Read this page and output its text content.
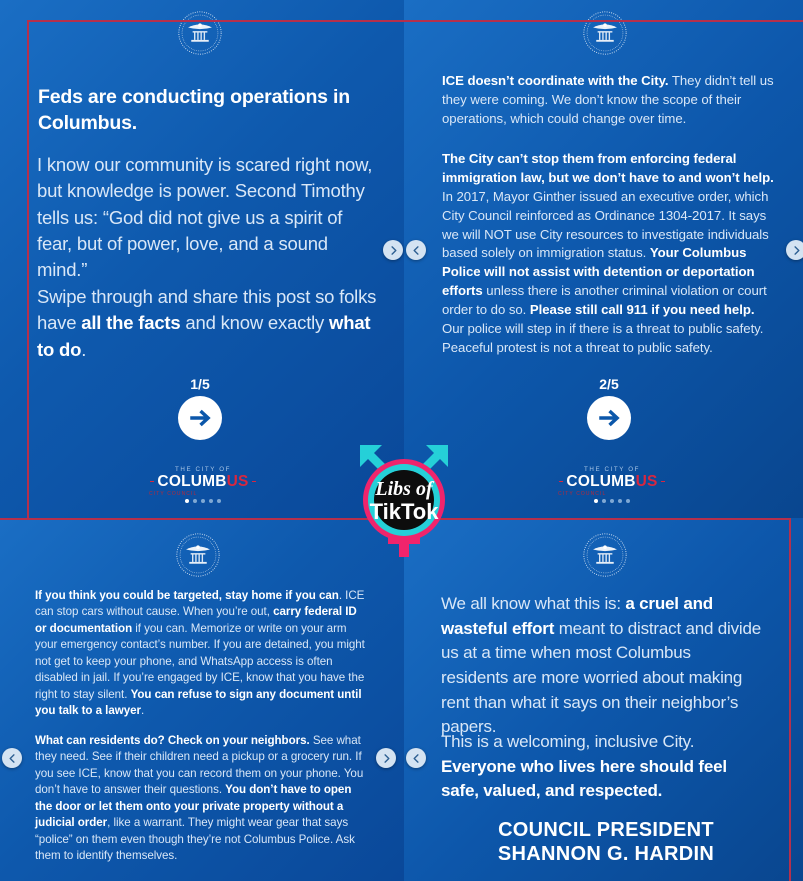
Feds are conducting operations in Columbus.
I know our community is scared right now, but knowledge is power. Second Timothy tells us: “God did not give us a spirit of fear, but of power, love, and a sound mind.”
Swipe through and share this post so folks have all the facts and know exactly what to do.
1/5
THE CITY OF
COLUMB US
CITY COUNCIL
ICE doesn’t coordinate with the City. They didn’t tell us they were coming. We don’t know the scope of their operations, which could change over time.
The City can’t stop them from enforcing federal immigration law, but we don’t have to and won’t help. In 2017, Mayor Ginther issued an executive order, which City Council reinforced as Ordinance 1304-2017. It says we will NOT use City resources to investigate individuals based solely on immigration status. Your Columbus Police will not assist with detention or deportation efforts unless there is another criminal violation or court order to do so. Please still call 911 if you need help. Our police will step in if there is a threat to public safety. Peaceful protest is not a threat to public safety.
2/5
THE CITY OF
COLUMB US
CITY COUNCIL
If you think you could be targeted, stay home if you can. ICE can stop cars without cause. When you’re out, carry federal ID or documentation if you can. Memorize or write on your arm your emergency contact’s number. If you are detained, you might not get to keep your phone, and WhatsApp access is often disabled in jail. If you’re engaged by ICE, know that you have the right to stay silent. You can refuse to sign any document until you talk to a lawyer.
What can residents do? Check on your neighbors. See what they need. See if their children need a pickup or a grocery run. If you see ICE, know that you can record them on your phone. You don’t have to answer their questions. You don’t have to open the door or let them onto your private property without a judicial order, like a warrant. They might wear gear that says “police” on them even though they’re not Columbus Police. Ask them to identify themselves.
We all know what this is: a cruel and wasteful effort meant to distract and divide us at a time when most Columbus residents are more worried about making rent than what it says on their neighbor’s papers.
This is a welcoming, inclusive City. Everyone who lives here should feel safe, valued, and respected.
COUNCIL PRESIDENT
SHANNON G. HARDIN
Libs of
TikTok
